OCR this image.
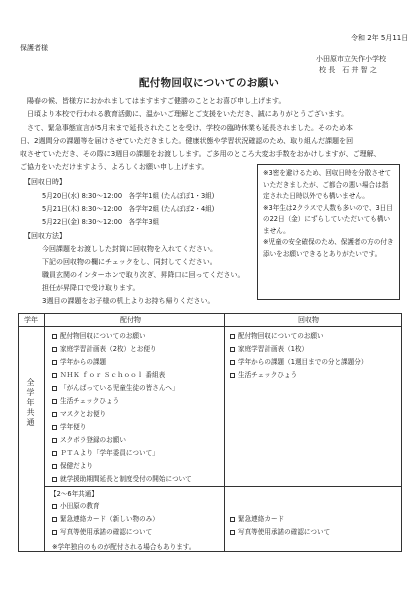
令和 2年 5月11日
保護者様
小田原市立矢作小学校
校 長　石 井 智 之
配付物回収についてのお願い
　陽春の候、皆様方におかれましてはますますご健勝のこととお喜び申し上げます。
　日頃より本校で行われる教育活動に、温かいご理解とご支援をいただき、誠にありがとうございます。
　さて、緊急事態宣言が5月末まで延長されたことを受け、学校の臨時休業も延長されました。そのため本
日、2週間分の課題等を届けさせていただきました。健康状態や学習状況確認のため、取り組んだ課題を回
収させていただき、その際に3週目の課題をお渡しします。ご多用のところ大変お手数をおかけしますが、ご理解、
ご協力をいただけますよう、よろしくお願い申し上げます。
【回収日時】
5月20日(水) 8:30～12:00　各学年1組 (たんぽぽ1・3組)
5月21日(木) 8:30～12:00　各学年2組 (たんぽぽ2・4組)
5月22日(金) 8:30～12:00　各学年3組
【回収方法】
今回課題をお渡しした封筒に回収物を入れてください。
下記の回収物の欄にチェックをし、同封してください。
職員玄関のインターホンで取り次ぎ、昇降口に回ってください。
担任が昇降口で受け取ります。
3週目の課題をお子様の机上よりお持ち帰りください。
※3密を避けるため、回収日時を分散させていただきましたが、ご都合の悪い場合は指定された日時以外でも構いません。
※3年生は2クラスで人数も多いので、3日目の22日（金）にずらしていただいても構いません。
※児童の安全確保のため、保護者の方の付き添いをお願いできるとありがたいです。
学年	配付物	回収物
全学年共通
配付物回収についてのお願い
家庭学習計画表（2枚）とお便り
学年からの課題
ＮＨＫ ｆｏｒ Ｓｃｈｏｏｌ 番組表
「がんばっている児童生徒の皆さんへ」
生活チェックひょう
マスクとお便り
学年便り
スクボラ登録のお願い
ＰＴＡより「学年委員について」
保健だより
就学援助期間延長と制度受付の開始について
配付物回収についてのお願い
家庭学習計画表（1枚）
学年からの課題（1週目までの分と課題分）
生活チェックひょう
【2～6年共通】
小田原の教育
緊急連絡カード（新しい物のみ）
写真等使用承諾の確認について
緊急連絡カード
写真等使用承諾の確認について
※学年独自のものが配付される場合もあります。
